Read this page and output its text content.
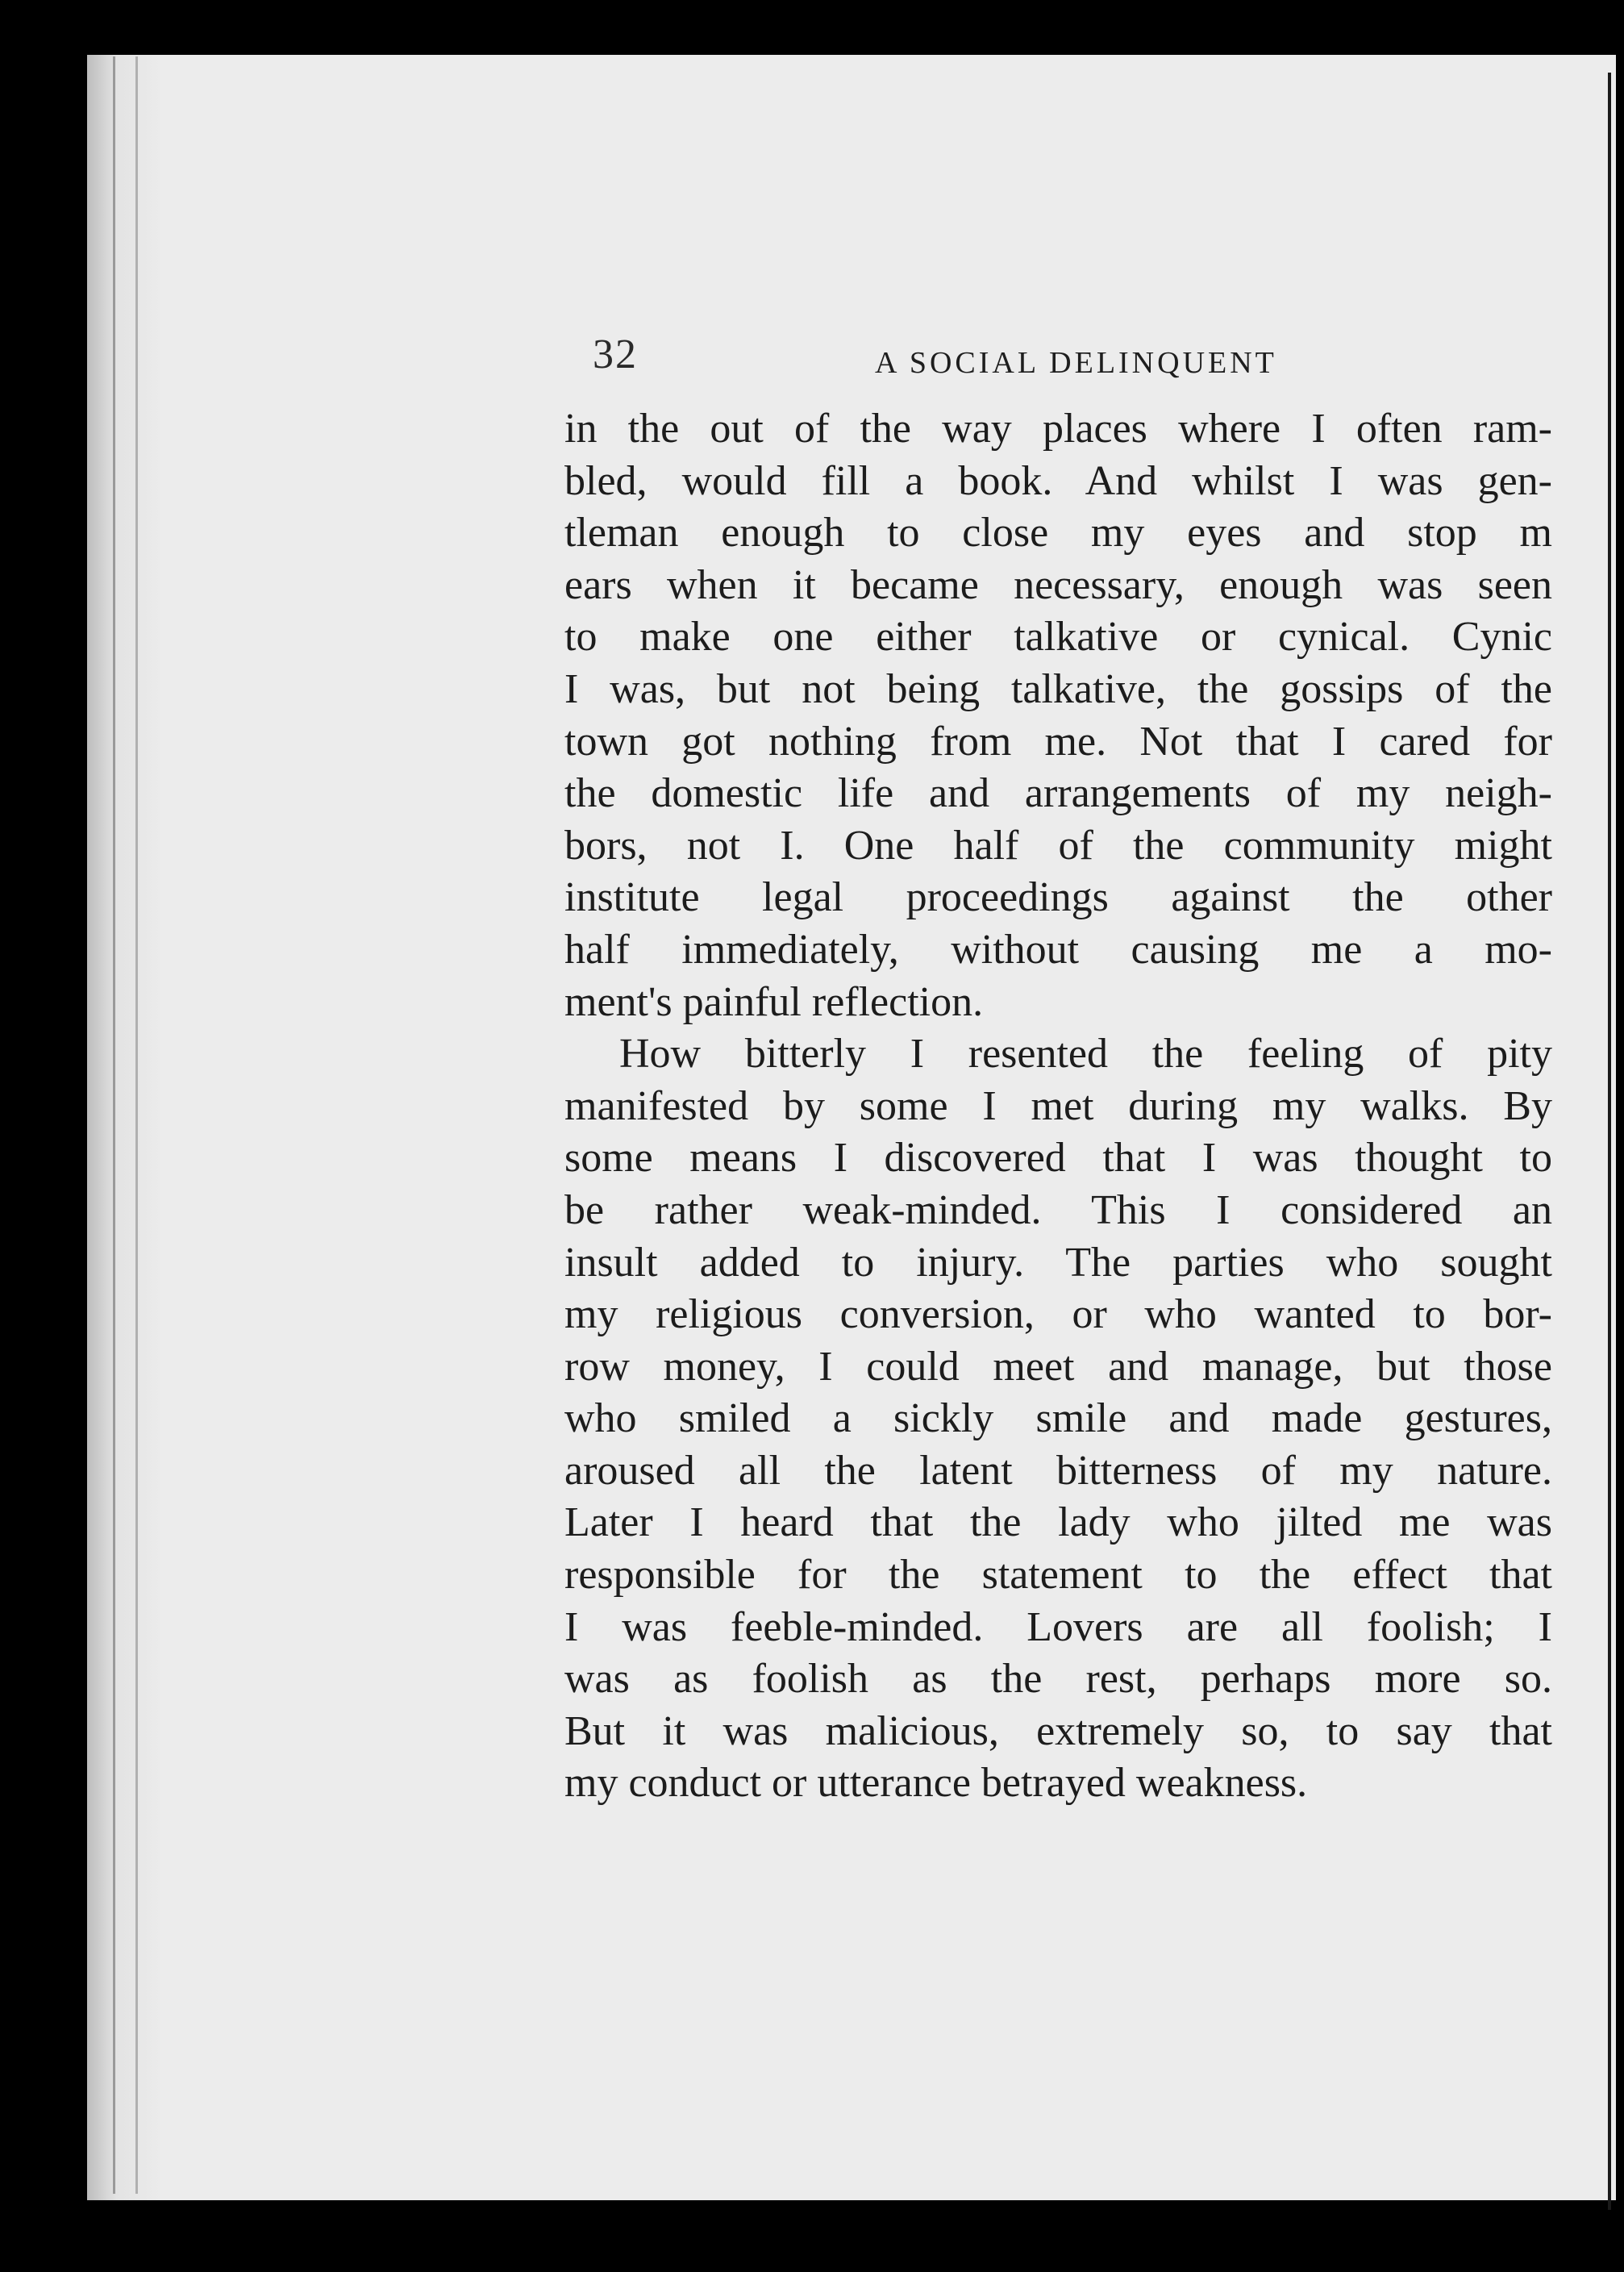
32	A SOCIAL DELINQUENT
in the out of the way places where I often ram-
bled, would fill a book. And whilst I was gen-
tleman enough to close my eyes and stop m
ears when it became necessary, enough was seen
to make one either talkative or cynical. Cynic
I was, but not being talkative, the gossips of the
town got nothing from me. Not that I cared for
the domestic life and arrangements of my neigh-
bors, not I. One half of the community might
institute legal proceedings against the other
half immediately, without causing me a mo-
ment's painful reflection.
How bitterly I resented the feeling of pity
manifested by some I met during my walks. By
some means I discovered that I was thought to
be rather weak-minded. This I considered an
insult added to injury. The parties who sought
my religious conversion, or who wanted to bor-
row money, I could meet and manage, but those
who smiled a sickly smile and made gestures,
aroused all the latent bitterness of my nature.
Later I heard that the lady who jilted me was
responsible for the statement to the effect that
I was feeble-minded. Lovers are all foolish; I
was as foolish as the rest, perhaps more so.
But it was malicious, extremely so, to say that
my conduct or utterance betrayed weakness.
